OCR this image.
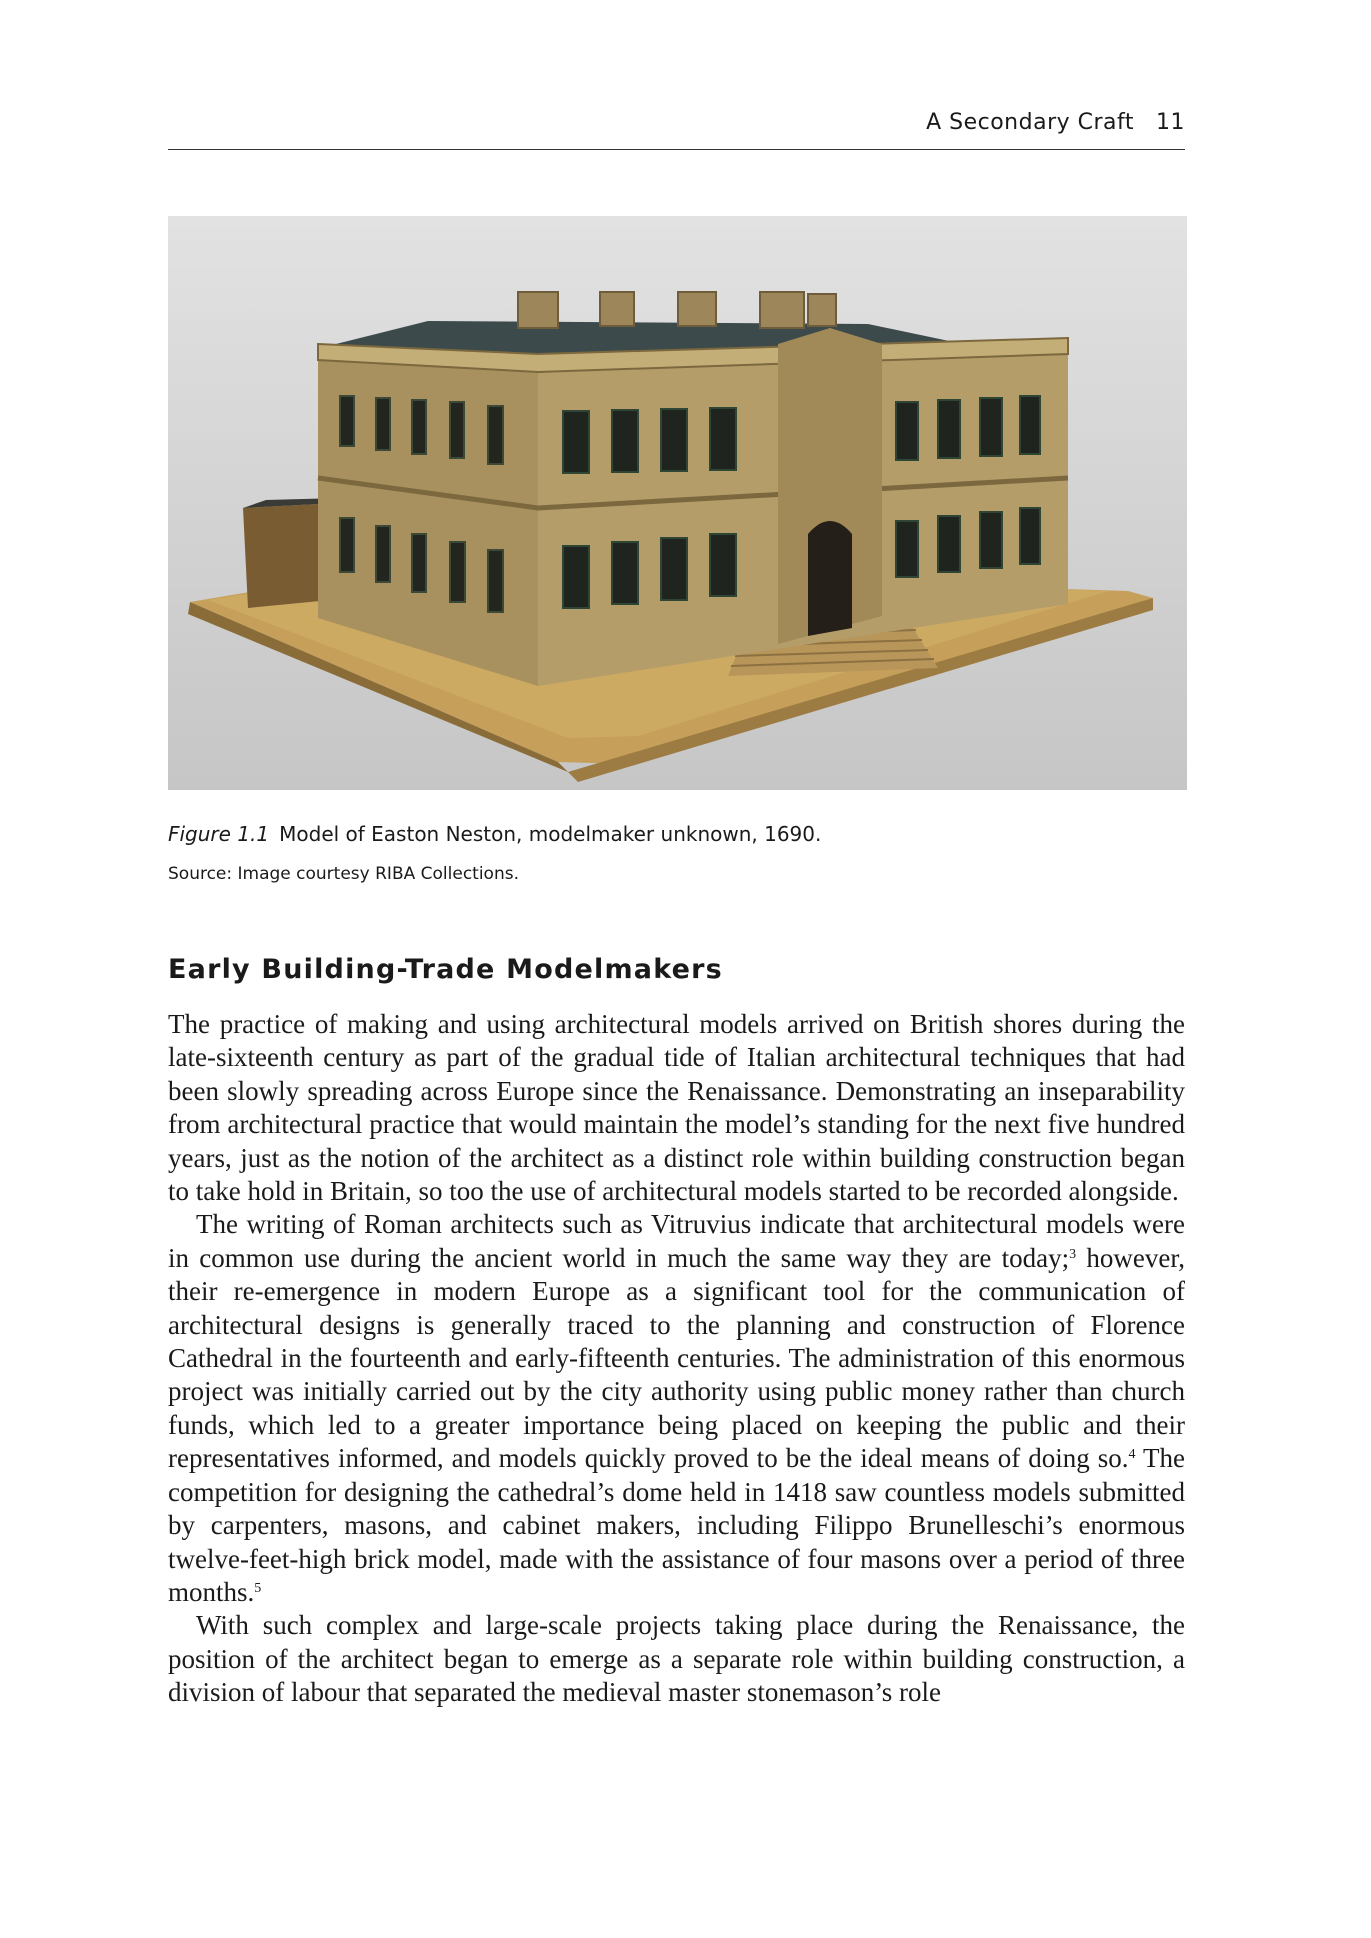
A Secondary Craft 11
Figure 1.1 Model of Easton Neston, modelmaker unknown, 1690.
Source: Image courtesy RIBA Collections.
Early Building-Trade Modelmakers

The practice of making and using architectural models arrived on British shores during the late-sixteenth century as part of the gradual tide of Italian architectural techniques that had been slowly spreading across Europe since the Renaissance. Demonstrating an inseparability from architectural practice that would maintain the model’s standing for the next five hundred years, just as the notion of the architect as a distinct role within building construction began to take hold in Britain, so too the use of architectural models started to be recorded alongside.

The writing of Roman architects such as Vitruvius indicate that architectural models were in common use during the ancient world in much the same way they are today;$^3$ however, their re-emergence in modern Europe as a significant tool for the communication of architectural designs is generally traced to the planning and construction of Florence Cathedral in the fourteenth and early-fifteenth centuries. The administration of this enormous project was initially carried out by the city authority using public money rather than church funds, which led to a greater importance being placed on keeping the public and their representatives informed, and models quickly proved to be the ideal means of doing so.$^4$ The competition for designing the cathedral’s dome held in 1418 saw countless models submitted by carpenters, masons, and cabinet makers, including Filippo Brunelleschi’s enormous twelve-feet-high brick model, made with the assistance of four masons over a period of three months.$^5$

With such complex and large-scale projects taking place during the Renaissance, the position of the architect began to emerge as a separate role within building construction, a division of labour that separated the medieval master stonemason’s role
